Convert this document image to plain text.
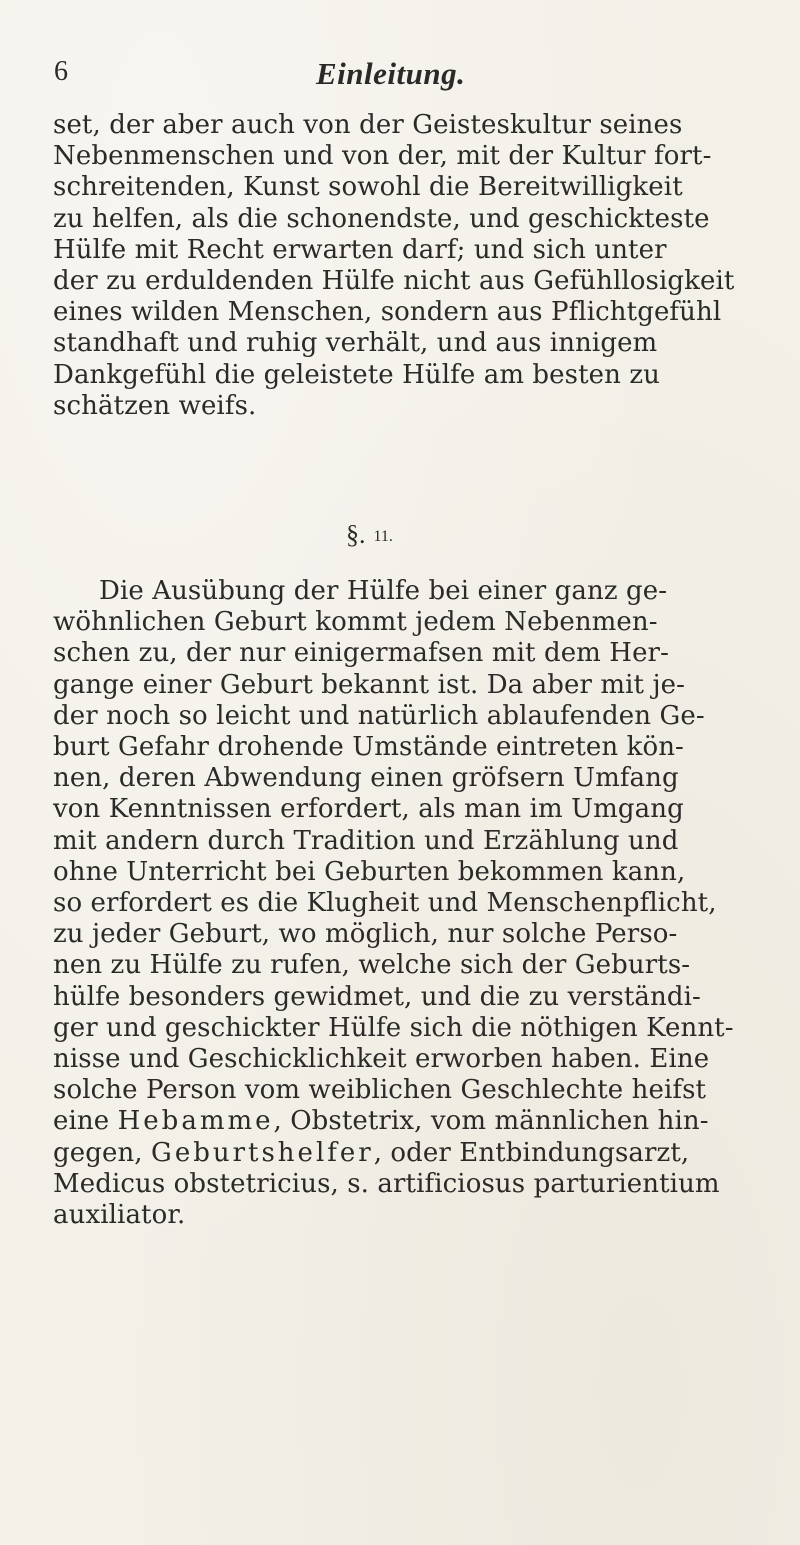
6	Einleitung.
set, der aber auch von der Geisteskultur seines
Nebenmenschen und von der, mit der Kultur fort-
schreitenden, Kunst sowohl die Bereitwilligkeit
zu helfen, als die schonendste, und geschickteste
Hülfe mit Recht erwarten darf; und sich unter
der zu erduldenden Hülfe nicht aus Gefühllosigkeit
eines wilden Menschen, sondern aus Pflichtgefühl
standhaft und ruhig verhält, und aus innigem
Dankgefühl die geleistete Hülfe am besten zu
schätzen weifs.
§. 11.
Die Ausübung der Hülfe bei einer ganz ge-
wöhnlichen Geburt kommt jedem Nebenmen-
schen zu, der nur einigermafsen mit dem Her-
gange einer Geburt bekannt ist. Da aber mit je-
der noch so leicht und natürlich ablaufenden Ge-
burt Gefahr drohende Umstände eintreten kön-
nen, deren Abwendung einen gröfsern Umfang
von Kenntnissen erfordert, als man im Umgang
mit andern durch Tradition und Erzählung und
ohne Unterricht bei Geburten bekommen kann,
so erfordert es die Klugheit und Menschenpflicht,
zu jeder Geburt, wo möglich, nur solche Perso-
nen zu Hülfe zu rufen, welche sich der Geburts-
hülfe besonders gewidmet, und die zu verständi-
ger und geschickter Hülfe sich die nöthigen Kennt-
nisse und Geschicklichkeit erworben haben. Eine
solche Person vom weiblichen Geschlechte heifst
eine Hebamme, Obstetrix, vom männlichen hin-
gegen, Geburtshelfer, oder Entbindungsarzt,
Medicus obstetricius, s. artificiosus parturientium
auxiliator.
